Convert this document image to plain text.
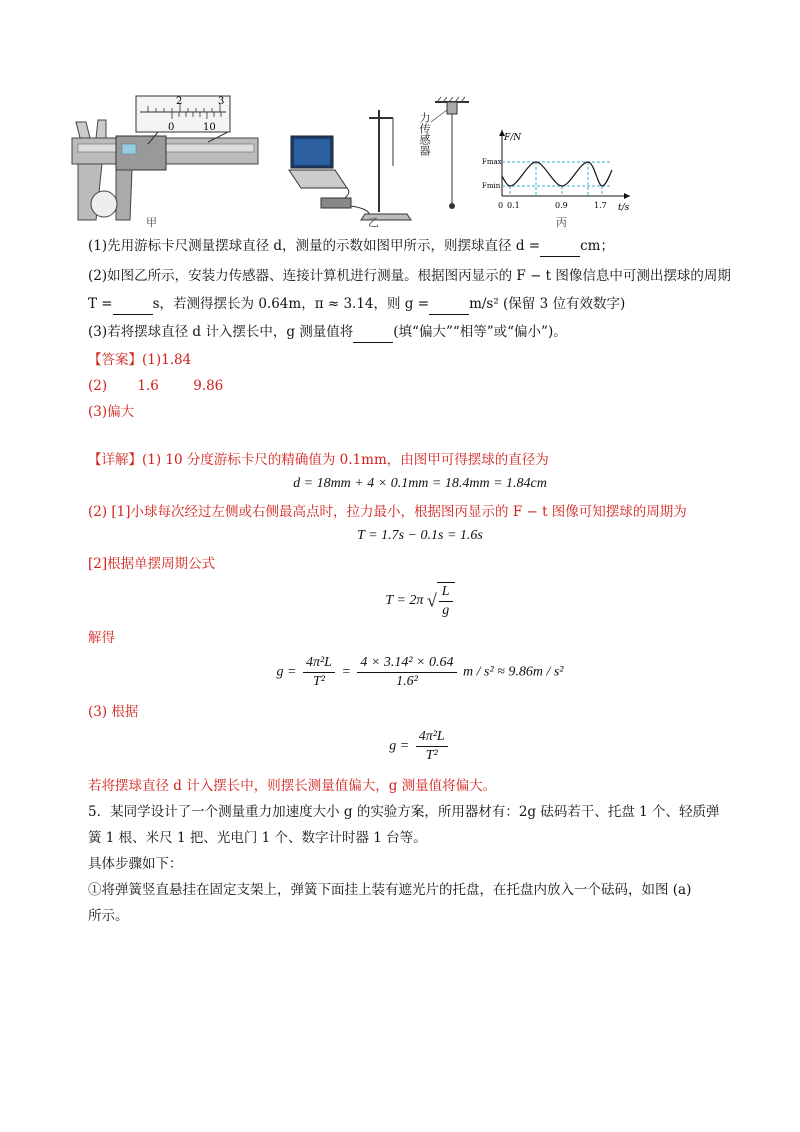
2	3
0	10
甲
力传感器
乙
F/N
t/s
Fmax
Fmin
0 0.1	0.9	1.7
丙
(1)先用游标卡尺测量摆球直径 d，测量的示数如图甲所示，则摆球直径 d =	cm；
(2)如图乙所示，安装力传感器、连接计算机进行测量。根据图丙显示的 F − t 图像信息中可测出摆球的周期
T =	s，若测得摆长为 0.64m，π ≈ 3.14，则 g =	m/s² (保留 3 位有效数字)
(3)若将摆球直径 d 计入摆长中，g 测量值将	(填“偏大”“相等”或“偏小”)。
【答案】(1)1.84
(2) 1.6	9.86
(3)偏大
【详解】(1) 10 分度游标卡尺的精确值为 0.1mm，由图甲可得摆球的直径为
d = 18mm + 4 × 0.1mm = 18.4mm = 1.84cm
(2) [1]小球每次经过左侧或右侧最高点时，拉力最小，根据图丙显示的 F − t 图像可知摆球的周期为
T = 1.7s − 0.1s = 1.6s
[2]根据单摆周期公式
T = 2π √ $\frac{L}{g}$
解得
$g = \frac{\text{4π²L}}{\text{T²}} = \frac{\text{4 × 3.14² × 0.64}}{\text{1.6²}}$ m / s² ≈ 9.86m / s²
(3) 根据
$g = \frac{\text{4π²L}}{\text{T²}}$
若将摆球直径 d 计入摆长中，则摆长测量值偏大，g 测量值将偏大。
5．某同学设计了一个测量重力加速度大小 g 的实验方案，所用器材有：2g 砝码若干、托盘 1 个、轻质弹
簧 1 根、米尺 1 把、光电门 1 个、数字计时器 1 台等。
具体步骤如下：
①将弹簧竖直悬挂在固定支架上，弹簧下面挂上装有遮光片的托盘，在托盘内放入一个砝码，如图 (a)
所示。
